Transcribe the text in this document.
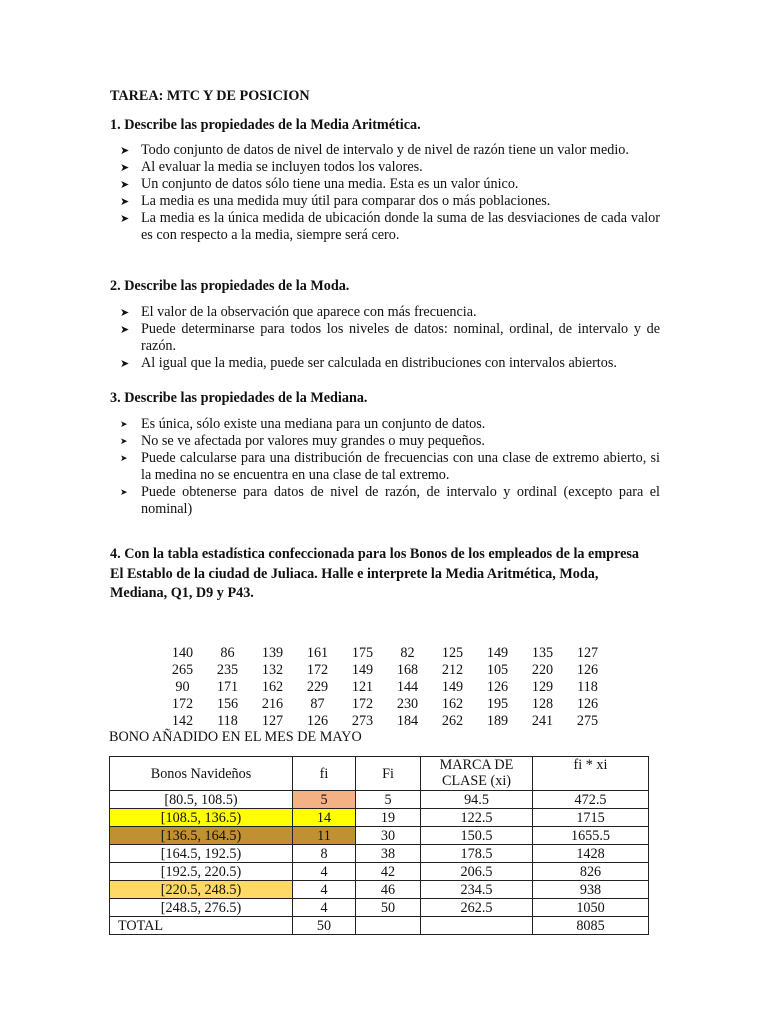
TAREA: MTC Y DE POSICION
1. Describe las propiedades de la Media Aritmética.
➤ Todo conjunto de datos de nivel de intervalo y de nivel de razón tiene un valor medio.
➤ Al evaluar la media se incluyen todos los valores.
➤ Un conjunto de datos sólo tiene una media. Esta es un valor único.
➤ La media es una medida muy útil para comparar dos o más poblaciones.
➤ La media es la única medida de ubicación donde la suma de las desviaciones de cada valor es con respecto a la media, siempre será cero.
2. Describe las propiedades de la Moda.
➤ El valor de la observación que aparece con más frecuencia.
➤ Puede determinarse para todos los niveles de datos: nominal, ordinal, de intervalo y de razón.
➤ Al igual que la media, puede ser calculada en distribuciones con intervalos abiertos.
3. Describe las propiedades de la Mediana.
➤ Es única, sólo existe una mediana para un conjunto de datos.
➤ No se ve afectada por valores muy grandes o muy pequeños.
➤ Puede calcularse para una distribución de frecuencias con una clase de extremo abierto, si la medina no se encuentra en una clase de tal extremo.
➤ Puede obtenerse para datos de nivel de razón, de intervalo y ordinal (excepto para el nominal)
4. Con la tabla estadística confeccionada para los Bonos de los empleados de la empresa El Establo de la ciudad de Juliaca. Halle e interprete la Media Aritmética, Moda, Mediana, Q1, D9 y P43.
140	86	139	161	175	82	125	149	135	127
265	235	132	172	149	168	212	105	220	126
90	171	162	229	121	144	149	126	129	118
172	156	216	87	172	230	162	195	128	126
142	118	127	126	273	184	262	189	241	275
BONO AÑADIDO EN EL MES DE MAYO
Bonos Navideños	fi	Fi	MARCA DE CLASE (xi)	fi * xi
[80.5, 108.5)	5	5	94.5	472.5
[108.5, 136.5)	14	19	122.5	1715
[136.5, 164.5)	11	30	150.5	1655.5
[164.5, 192.5)	8	38	178.5	1428
[192.5, 220.5)	4	42	206.5	826
[220.5, 248.5)	4	46	234.5	938
[248.5, 276.5)	4	50	262.5	1050
TOTAL	50			8085
